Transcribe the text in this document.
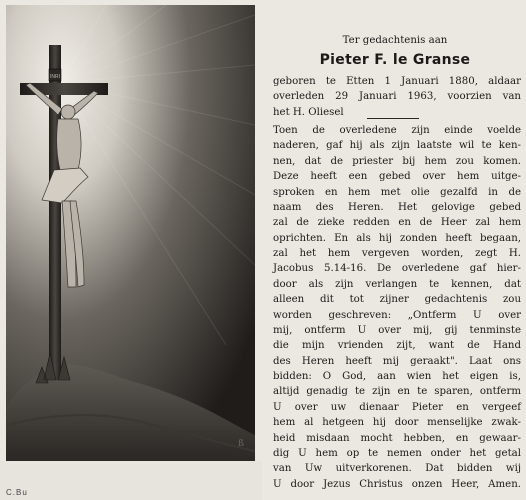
INRI
ß
C.Bu
Ter gedachtenis aan
Pieter F. le Granse
geboren te Etten 1 Januari 1880, aldaar
overleden 29 Januari 1963, voorzien van
het H. Oliesel
Toen de overledene zijn einde voelde
naderen, gaf hij als zijn laatste wil te ken-
nen, dat de priester bij hem zou komen.
Deze heeft een gebed over hem uitge-
sproken en hem met olie gezalfd in de
naam des Heren. Het gelovige gebed
zal de zieke redden en de Heer zal hem
oprichten. En als hij zonden heeft begaan,
zal het hem vergeven worden, zegt H.
Jacobus 5.14-16. De overledene gaf hier-
door als zijn verlangen te kennen, dat
alleen dit tot zijner gedachtenis zou
worden geschreven: „Ontferm U over
mij, ontferm U over mij, gij tenminste
die mijn vrienden zijt, want de Hand
des Heren heeft mij geraakt". Laat ons
bidden: O God, aan wien het eigen is,
altijd genadig te zijn en te sparen, ontferm
U over uw dienaar Pieter en vergeef
hem al hetgeen hij door menselijke zwak-
heid misdaan mocht hebben, en gewaar-
dig U hem op te nemen onder het getal
van Uw uitverkorenen. Dat bidden wij
U door Jezus Christus onzen Heer, Amen.
